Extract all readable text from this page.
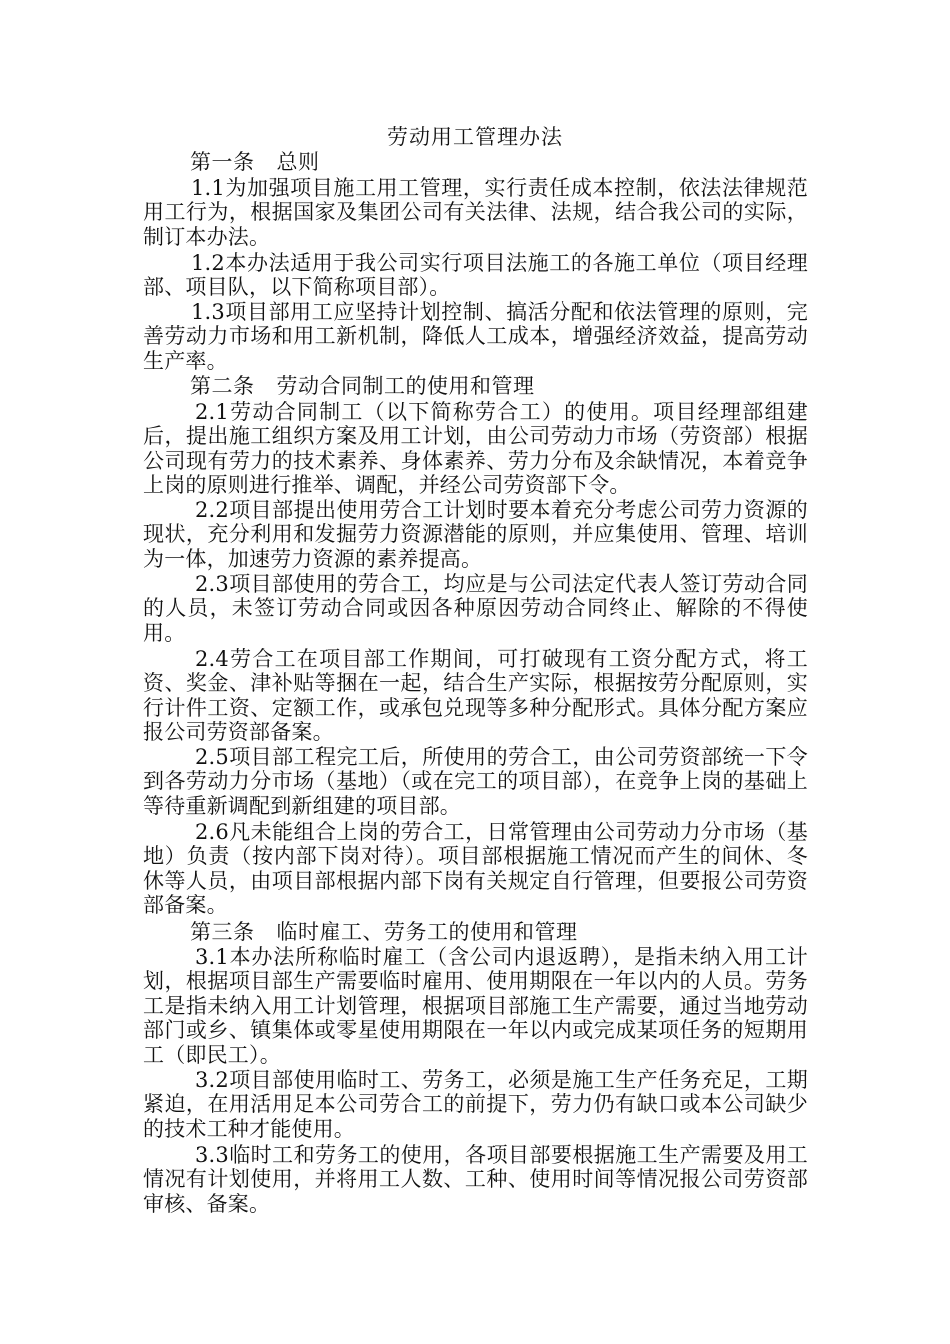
劳动用工管理办法
第一条 总则
1.1为加强项目施工用工管理，实行责任成本控制，依法法律规范用工行为，根据国家及集团公司有关法律、法规，结合我公司的实际，制订本办法。
1.2本办法适用于我公司实行项目法施工的各施工单位（项目经理部、项目队，以下简称项目部）。
1.3项目部用工应坚持计划控制、搞活分配和依法管理的原则，完善劳动力市场和用工新机制，降低人工成本，增强经济效益，提高劳动生产率。
第二条 劳动合同制工的使用和管理
2.1劳动合同制工（以下简称劳合工）的使用。项目经理部组建后，提出施工组织方案及用工计划，由公司劳动力市场（劳资部）根据公司现有劳力的技术素养、身体素养、劳力分布及余缺情况，本着竞争上岗的原则进行推举、调配，并经公司劳资部下令。
2.2项目部提出使用劳合工计划时要本着充分考虑公司劳力资源的现状，充分利用和发掘劳力资源潜能的原则，并应集使用、管理、培训为一体，加速劳力资源的素养提高。
2.3项目部使用的劳合工，均应是与公司法定代表人签订劳动合同的人员，未签订劳动合同或因各种原因劳动合同终止、解除的不得使用。
2.4劳合工在项目部工作期间，可打破现有工资分配方式，将工资、奖金、津补贴等捆在一起，结合生产实际，根据按劳分配原则，实行计件工资、定额工作，或承包兑现等多种分配形式。具体分配方案应报公司劳资部备案。
2.5项目部工程完工后，所使用的劳合工，由公司劳资部统一下令到各劳动力分市场（基地）（或在完工的项目部），在竞争上岗的基础上等待重新调配到新组建的项目部。
2.6凡未能组合上岗的劳合工，日常管理由公司劳动力分市场（基地）负责（按内部下岗对待）。项目部根据施工情况而产生的间休、冬休等人员，由项目部根据内部下岗有关规定自行管理，但要报公司劳资部备案。
第三条 临时雇工、劳务工的使用和管理
3.1本办法所称临时雇工（含公司内退返聘），是指未纳入用工计划，根据项目部生产需要临时雇用、使用期限在一年以内的人员。劳务工是指未纳入用工计划管理，根据项目部施工生产需要，通过当地劳动部门或乡、镇集体或零星使用期限在一年以内或完成某项任务的短期用工（即民工）。
3.2项目部使用临时工、劳务工，必须是施工生产任务充足，工期紧迫，在用活用足本公司劳合工的前提下，劳力仍有缺口或本公司缺少的技术工种才能使用。
3.3临时工和劳务工的使用，各项目部要根据施工生产需要及用工情况有计划使用，并将用工人数、工种、使用时间等情况报公司劳资部审核、备案。
